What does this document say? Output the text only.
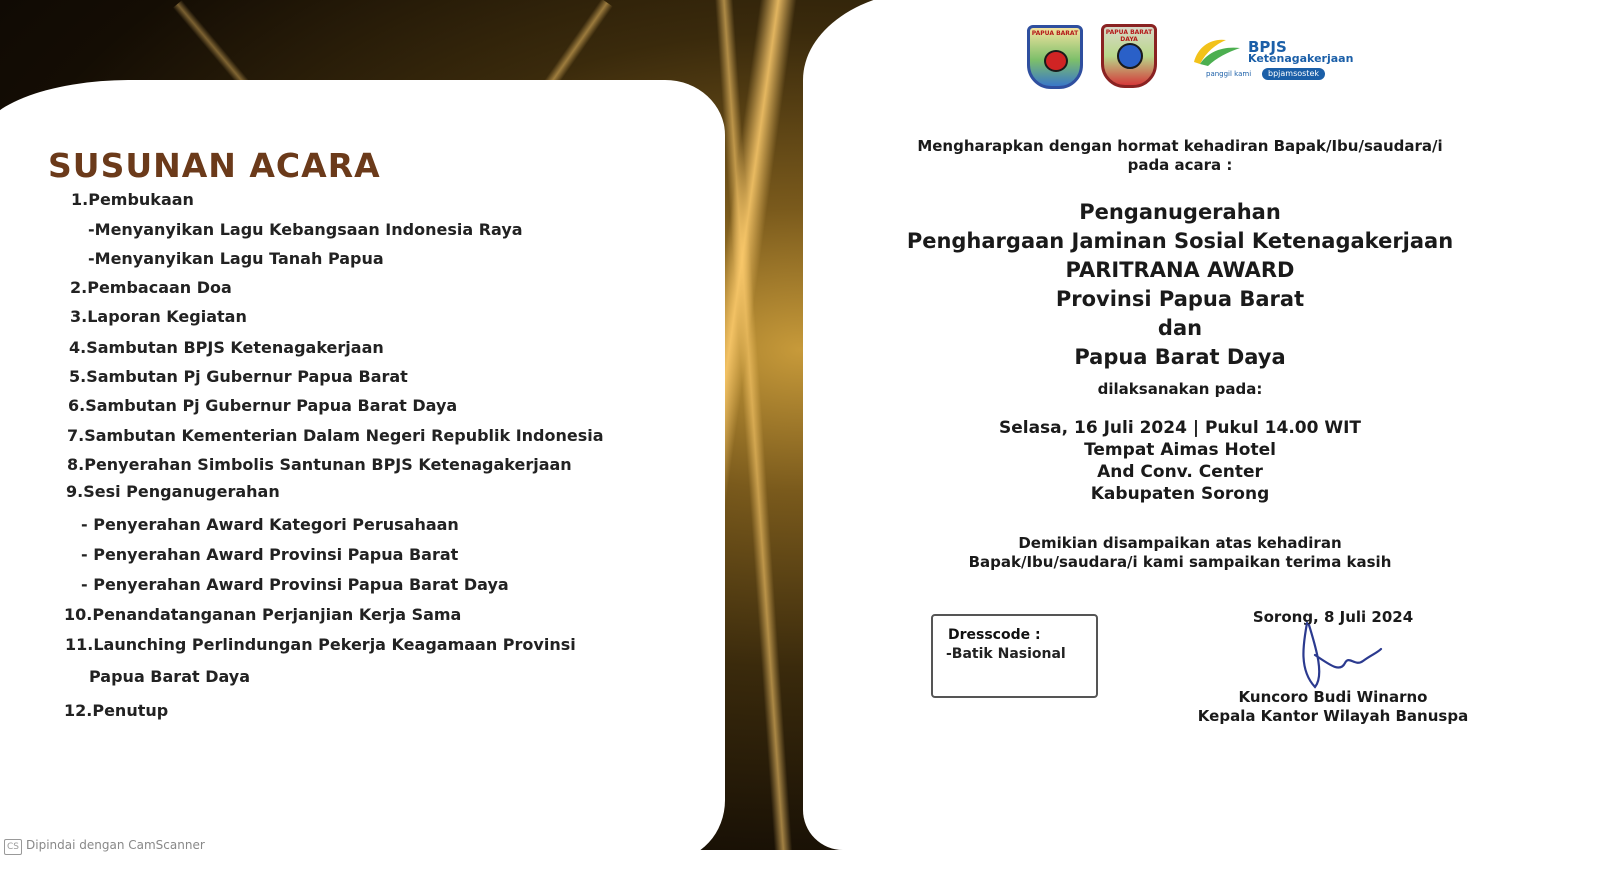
SUSUNAN ACARA
1.Pembukaan
-Menyanyikan Lagu Kebangsaan Indonesia Raya
-Menyanyikan Lagu Tanah Papua
2.Pembacaan Doa
3.Laporan Kegiatan
4.Sambutan BPJS Ketenagakerjaan
5.Sambutan Pj Gubernur Papua Barat
6.Sambutan Pj Gubernur Papua Barat Daya
7.Sambutan Kementerian Dalam Negeri Republik Indonesia
8.Penyerahan Simbolis Santunan BPJS Ketenagakerjaan
9.Sesi Penganugerahan
- Penyerahan Award Kategori Perusahaan
- Penyerahan Award Provinsi Papua Barat
- Penyerahan Award Provinsi Papua Barat Daya
10.Penandatanganan Perjanjian Kerja Sama
11.Launching Perlindungan Pekerja Keagamaan Provinsi
Papua Barat Daya
12.Penutup
PAPUA BARAT	PAPUA BARAT DAYA	BPJS
Ketenagakerjaan
panggil kami	bpjamsostek
Mengharapkan dengan hormat kehadiran Bapak/Ibu/saudara/i
pada acara :
Penganugerahan
Penghargaan Jaminan Sosial Ketenagakerjaan
PARITRANA AWARD
Provinsi Papua Barat
dan
Papua Barat Daya
dilaksanakan pada:
Selasa, 16 Juli 2024 | Pukul 14.00 WIT
Tempat Aimas Hotel
And Conv. Center
Kabupaten Sorong
Demikian disampaikan atas kehadiran
Bapak/Ibu/saudara/i kami sampaikan terima kasih
Dresscode :
-Batik Nasional
Sorong, 8 Juli 2024
Kuncoro Budi Winarno
Kepala Kantor Wilayah Banuspa
CS Dipindai dengan CamScanner
